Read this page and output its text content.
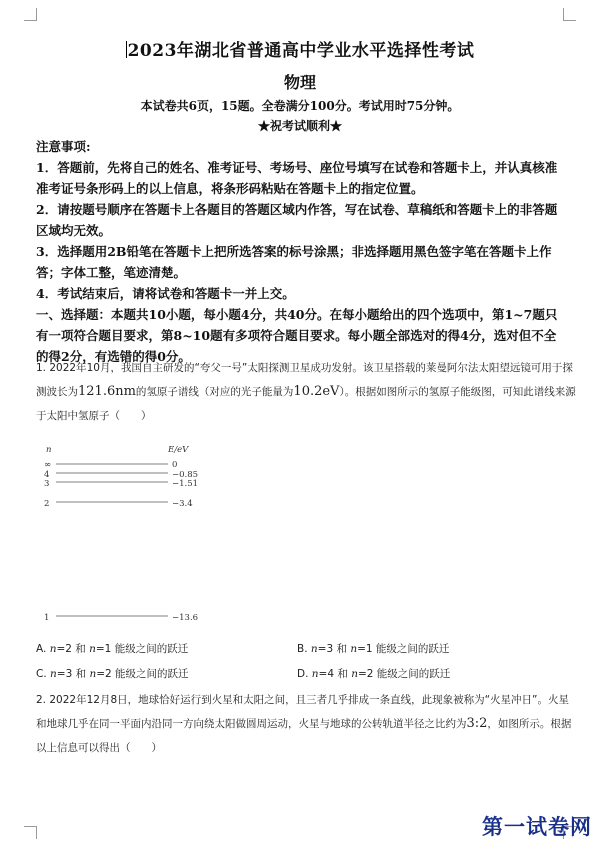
2023年湖北省普通高中学业水平选择性考试
物理
本试卷共6页，15题。全卷满分100分。考试用时75分钟。
★祝考试顺利★
注意事项:
1．答题前，先将自己的姓名、准考证号、考场号、座位号填写在试卷和答题卡上，并认真核准准考证号条形码上的以上信息，将条形码粘贴在答题卡上的指定位置。
2．请按题号顺序在答题卡上各题目的答题区域内作答，写在试卷、草稿纸和答题卡上的非答题区域均无效。
3．选择题用2B铅笔在答题卡上把所选答案的标号涂黑；非选择题用黑色签字笔在答题卡上作答；字体工整，笔迹清楚。
4．考试结束后，请将试卷和答题卡一并上交。
一、选择题：本题共10小题，每小题4分，共40分。在每小题给出的四个选项中，第1~7题只有一项符合题目要求，第8~10题有多项符合题目要求。每小题全部选对的得4分，选对但不全的得2分，有选错的得0分。
1. 2022年10月，我国自主研发的“夸父一号”太阳探测卫星成功发射。该卫星搭载的莱曼阿尔法太阳望远镜可用于探测波长为121.6nm的氢原子谱线（对应的光子能量为10.2eV）。根据如图所示的氢原子能级图，可知此谱线来源于太阳中氢原子（　　）
n	E/eV
∞	0
4	−0.85
3	−1.51
2	−3.4
1	−13.6
A. n=2 和 n=1 能级之间的跃迁	B. n=3 和 n=1 能级之间的跃迁
C. n=3 和 n=2 能级之间的跃迁	D. n=4 和 n=2 能级之间的跃迁
2. 2022年12月8日，地球恰好运行到火星和太阳之间，且三者几乎排成一条直线，此现象被称为“火星冲日”。火星和地球几乎在同一平面内沿同一方向绕太阳做圆周运动，火星与地球的公转轨道半径之比约为3:2，如图所示。根据以上信息可以得出（　　）
第一试卷网
